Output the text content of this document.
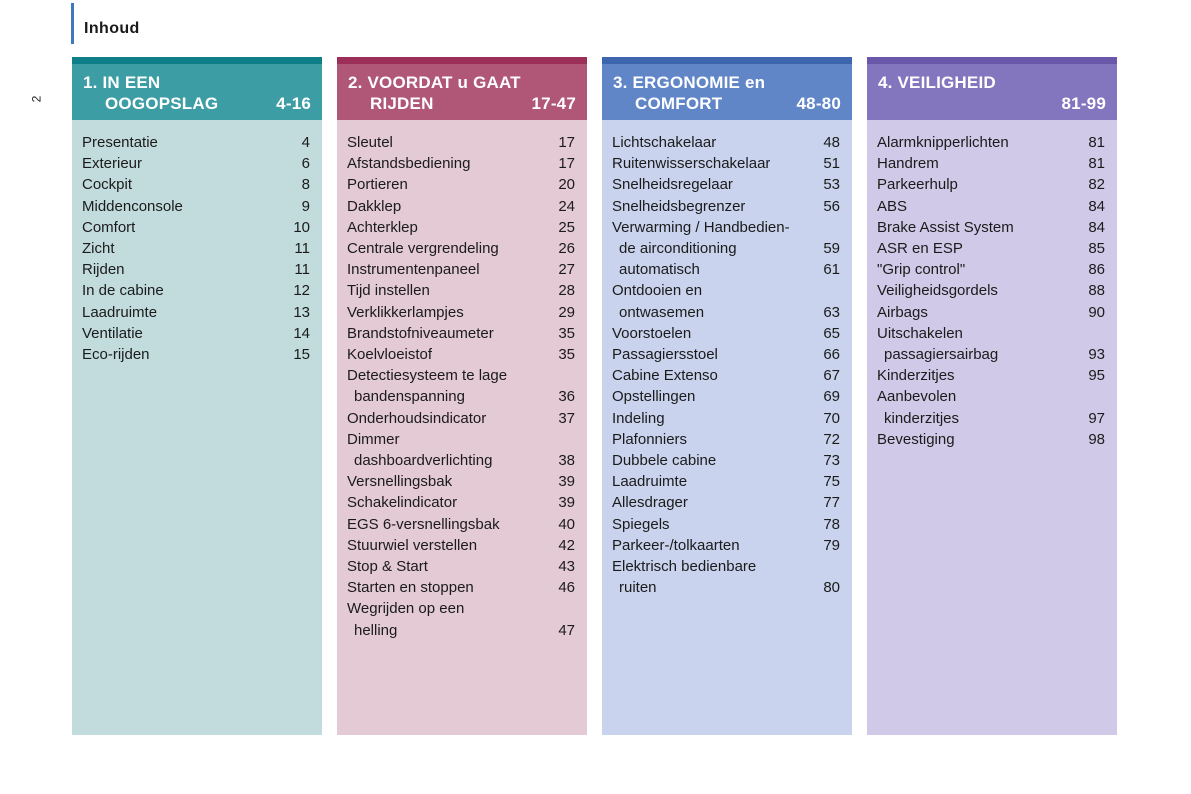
Inhoud
2
1. IN EEN
OOGOPSLAG	4-16
Presentatie	4
Exterieur	6
Cockpit	8
Middenconsole	9
Comfort	10
Zicht	11
Rijden	11
In de cabine	12
Laadruimte	13
Ventilatie	14
Eco-rijden	15
2. VOORDAT u GAAT
RIJDEN	17-47
Sleutel	17
Afstandsbediening	17
Portieren	20
Dakklep	24
Achterklep	25
Centrale vergrendeling	26
Instrumentenpaneel	27
Tijd instellen	28
Verklikkerlampjes	29
Brandstofniveaumeter	35
Koelvloeistof	35
Detectiesysteem te lage
bandenspanning	36
Onderhoudsindicator	37
Dimmer
dashboardverlichting	38
Versnellingsbak	39
Schakelindicator	39
EGS 6-versnellingsbak	40
Stuurwiel verstellen	42
Stop & Start	43
Starten en stoppen	46
Wegrijden op een
helling	47
3. ERGONOMIE en
COMFORT	48-80
Lichtschakelaar	48
Ruitenwisserschakelaar	51
Snelheidsregelaar	53
Snelheidsbegrenzer	56
Verwarming / Handbedien-
de airconditioning	59
automatisch	61
Ontdooien en
ontwasemen	63
Voorstoelen	65
Passagiersstoel	66
Cabine Extenso	67
Opstellingen	69
Indeling	70
Plafonniers	72
Dubbele cabine	73
Laadruimte	75
Allesdrager	77
Spiegels	78
Parkeer-/tolkaarten	79
Elektrisch bedienbare
ruiten	80
4. VEILIGHEID
81-99
Alarmknipperlichten	81
Handrem	81
Parkeerhulp	82
ABS	84
Brake Assist System	84
ASR en ESP	85
"Grip control"	86
Veiligheidsgordels	88
Airbags	90
Uitschakelen
passagiersairbag	93
Kinderzitjes	95
Aanbevolen
kinderzitjes	97
Bevestiging	98
